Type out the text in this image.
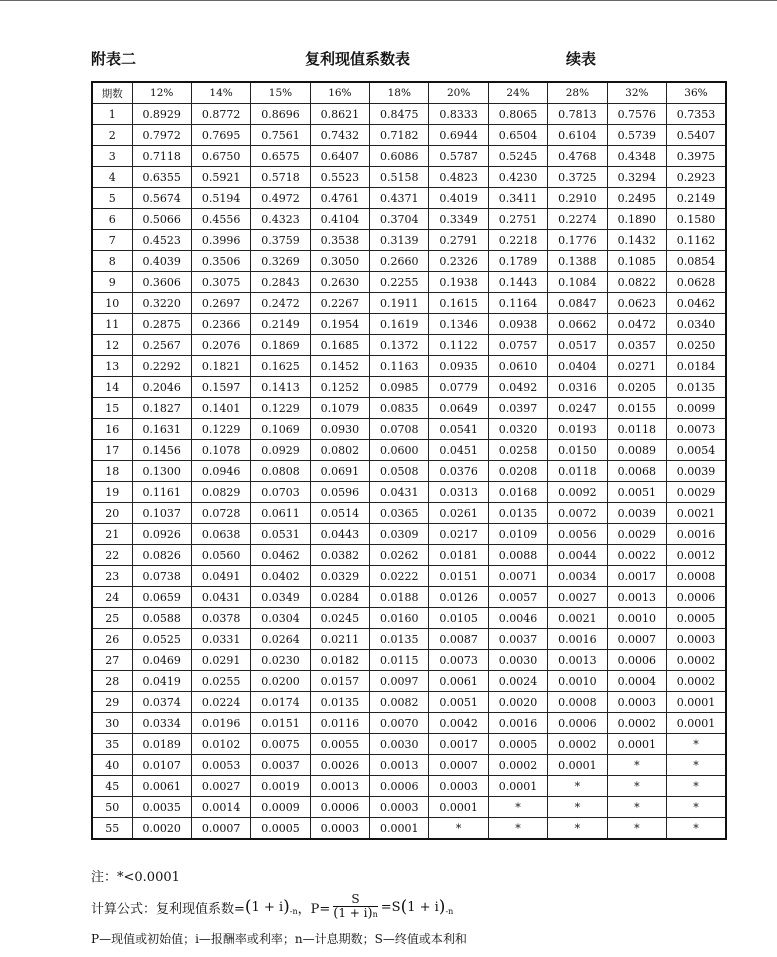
附表二	复利现值系数表	续表
期数	12%	14%	15%	16%	18%	20%	24%	28%	32%	36%
1	0.8929	0.8772	0.8696	0.8621	0.8475	0.8333	0.8065	0.7813	0.7576	0.7353
2	0.7972	0.7695	0.7561	0.7432	0.7182	0.6944	0.6504	0.6104	0.5739	0.5407
3	0.7118	0.6750	0.6575	0.6407	0.6086	0.5787	0.5245	0.4768	0.4348	0.3975
4	0.6355	0.5921	0.5718	0.5523	0.5158	0.4823	0.4230	0.3725	0.3294	0.2923
5	0.5674	0.5194	0.4972	0.4761	0.4371	0.4019	0.3411	0.2910	0.2495	0.2149
6	0.5066	0.4556	0.4323	0.4104	0.3704	0.3349	0.2751	0.2274	0.1890	0.1580
7	0.4523	0.3996	0.3759	0.3538	0.3139	0.2791	0.2218	0.1776	0.1432	0.1162
8	0.4039	0.3506	0.3269	0.3050	0.2660	0.2326	0.1789	0.1388	0.1085	0.0854
9	0.3606	0.3075	0.2843	0.2630	0.2255	0.1938	0.1443	0.1084	0.0822	0.0628
10	0.3220	0.2697	0.2472	0.2267	0.1911	0.1615	0.1164	0.0847	0.0623	0.0462
11	0.2875	0.2366	0.2149	0.1954	0.1619	0.1346	0.0938	0.0662	0.0472	0.0340
12	0.2567	0.2076	0.1869	0.1685	0.1372	0.1122	0.0757	0.0517	0.0357	0.0250
13	0.2292	0.1821	0.1625	0.1452	0.1163	0.0935	0.0610	0.0404	0.0271	0.0184
14	0.2046	0.1597	0.1413	0.1252	0.0985	0.0779	0.0492	0.0316	0.0205	0.0135
15	0.1827	0.1401	0.1229	0.1079	0.0835	0.0649	0.0397	0.0247	0.0155	0.0099
16	0.1631	0.1229	0.1069	0.0930	0.0708	0.0541	0.0320	0.0193	0.0118	0.0073
17	0.1456	0.1078	0.0929	0.0802	0.0600	0.0451	0.0258	0.0150	0.0089	0.0054
18	0.1300	0.0946	0.0808	0.0691	0.0508	0.0376	0.0208	0.0118	0.0068	0.0039
19	0.1161	0.0829	0.0703	0.0596	0.0431	0.0313	0.0168	0.0092	0.0051	0.0029
20	0.1037	0.0728	0.0611	0.0514	0.0365	0.0261	0.0135	0.0072	0.0039	0.0021
21	0.0926	0.0638	0.0531	0.0443	0.0309	0.0217	0.0109	0.0056	0.0029	0.0016
22	0.0826	0.0560	0.0462	0.0382	0.0262	0.0181	0.0088	0.0044	0.0022	0.0012
23	0.0738	0.0491	0.0402	0.0329	0.0222	0.0151	0.0071	0.0034	0.0017	0.0008
24	0.0659	0.0431	0.0349	0.0284	0.0188	0.0126	0.0057	0.0027	0.0013	0.0006
25	0.0588	0.0378	0.0304	0.0245	0.0160	0.0105	0.0046	0.0021	0.0010	0.0005
26	0.0525	0.0331	0.0264	0.0211	0.0135	0.0087	0.0037	0.0016	0.0007	0.0003
27	0.0469	0.0291	0.0230	0.0182	0.0115	0.0073	0.0030	0.0013	0.0006	0.0002
28	0.0419	0.0255	0.0200	0.0157	0.0097	0.0061	0.0024	0.0010	0.0004	0.0002
29	0.0374	0.0224	0.0174	0.0135	0.0082	0.0051	0.0020	0.0008	0.0003	0.0001
30	0.0334	0.0196	0.0151	0.0116	0.0070	0.0042	0.0016	0.0006	0.0002	0.0001
35	0.0189	0.0102	0.0075	0.0055	0.0030	0.0017	0.0005	0.0002	0.0001	*
40	0.0107	0.0053	0.0037	0.0026	0.0013	0.0007	0.0002	0.0001	*	*
45	0.0061	0.0027	0.0019	0.0013	0.0006	0.0003	0.0001	*	*	*
50	0.0035	0.0014	0.0009	0.0006	0.0003	0.0001	*	*	*	*
55	0.0020	0.0007	0.0005	0.0003	0.0001	*	*	*	*	*
注：*<0.0001
计算公式：复利现值系数= ( 1 + i ) -n ，$P= \frac{S}{(1 + i)n} =S$ ( 1 + i ) -n
P—现值或初始值；i—报酬率或利率；n—计息期数；S—终值或本利和
